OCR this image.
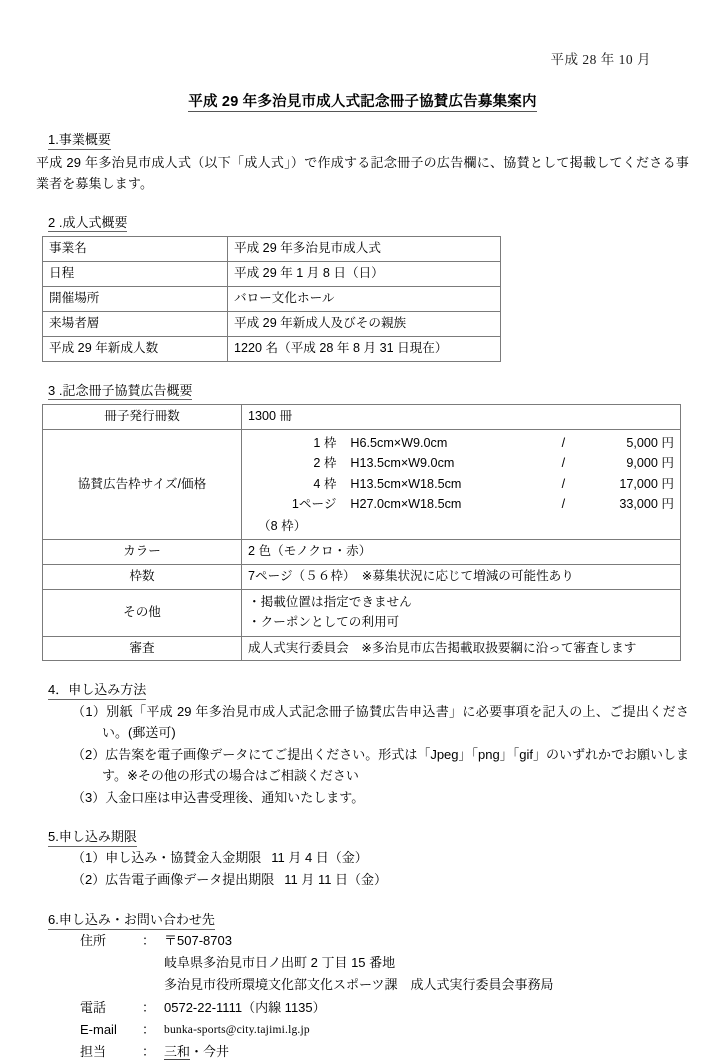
平成 28 年 10 月
平成 29 年多治見市成人式記念冊子協賛広告募集案内
1.事業概要
平成 29 年多治見市成人式（以下「成人式」）で作成する記念冊子の広告欄に、協賛として掲載してくださる事業者を募集します。
2 .成人式概要
事業名	平成 29 年多治見市成人式
日程	平成 29 年 1 月 8 日（日）
開催場所	バロー文化ホール
来場者層	平成 29 年新成人及びその親族
平成 29 年新成人数	1220 名（平成 28 年 8 月 31 日現在）
3 .記念冊子協賛広告概要
冊子発行冊数	1300 冊
協賛広告枠サイズ/価格	1 枠	H6.5cm×W9.0cm	/	5,000 円
2 枠	H13.5cm×W9.0cm	/	9,000 円
4 枠	H13.5cm×W18.5cm	/	17,000 円
1ページ	H27.0cm×W18.5cm	/	33,000 円
（8 枠）

カラー	2 色（モノクロ・赤）
枠数	7ページ（５６枠）　※募集状況に応じて増減の可能性あり
その他	・掲載位置は指定できません
・クーポンとしての利用可

審査	成人式実行委員会　※多治見市広告掲載取扱要綱に沿って審査します
4．申し込み方法
（1）別紙「平成 29 年多治見市成人式記念冊子協賛広告申込書」に必要事項を記入の上、ご提出ください。(郵送可)
（2）広告案を電子画像データにてご提出ください。形式は「Jpeg」「png」「gif」のいずれかでお願いします。※その他の形式の場合はご相談ください
（3）入金口座は申込書受理後、通知いたします。
5.申し込み期限
（1）申し込み・協賛金入金期限 11 月 4 日（金）
（2）広告電子画像データ提出期限 11 月 11 日（金）
6.申し込み・お問い合わせ先
住所	： 〒507-8703
岐阜県多治見市日ノ出町 2 丁目 15 番地
多治見市役所環境文化部文化スポーツ課　成人式実行委員会事務局
電話	： 0572-22-1111（内線 1135）
E-mail	： bunka-sports@city.tajimi.lg.jp
担当	： 三和・今井
